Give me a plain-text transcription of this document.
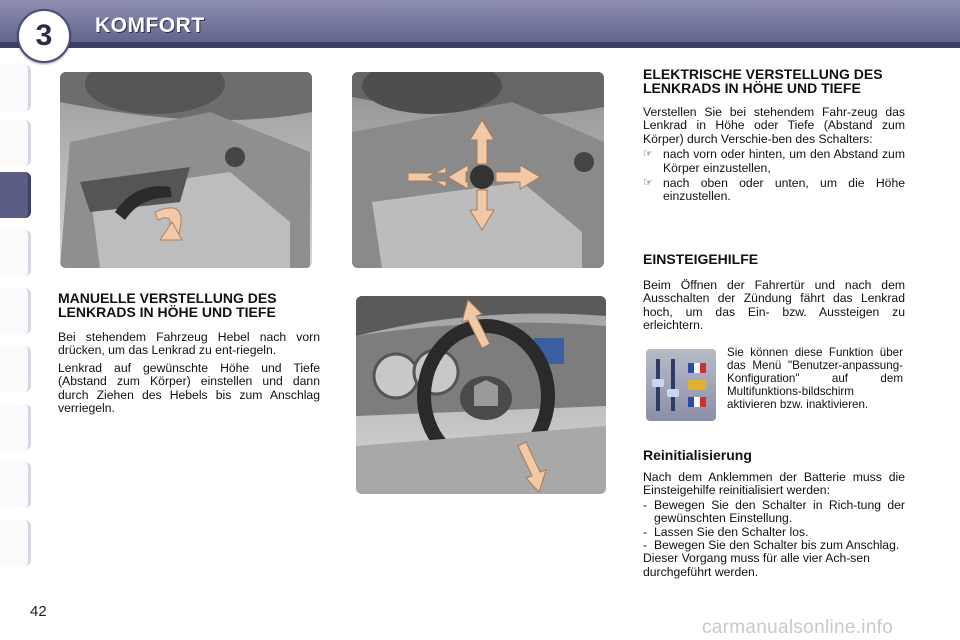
3	KOMFORT
MANUELLE VERSTELLUNG DES LENKRADS IN HÖHE UND TIEFE

Bei stehendem Fahrzeug Hebel nach vorn drücken, um das Lenkrad zu ent-riegeln.

Lenkrad auf gewünschte Höhe und Tiefe (Abstand zum Körper) einstellen und dann durch Ziehen des Hebels bis zum Anschlag verriegeln.

ELEKTRISCHE VERSTELLUNG DES LENKRADS IN HÖHE UND TIEFE

Verstellen Sie bei stehendem Fahr-zeug das Lenkrad in Höhe oder Tiefe (Abstand zum Körper) durch Verschie-ben des Schalters:

☞ nach vorn oder hinten, um den Abstand zum Körper einzustellen,
☞ nach oben oder unten, um die Höhe einzustellen.
EINSTEIGEHILFE

Beim Öffnen der Fahrertür und nach dem Ausschalten der Zündung fährt das Lenkrad hoch, um das Ein- bzw. Aussteigen zu erleichtern.

Sie können diese Funktion über das Menü "Benutzer-anpassung-Konfiguration" auf dem Multifunktions-bildschirm aktivieren bzw. inaktivieren.

Reinitialisierung

Nach dem Anklemmen der Batterie muss die Einsteigehilfe reinitialisiert werden:

- Bewegen Sie den Schalter in Rich-tung der gewünschten Einstellung.
- Lassen Sie den Schalter los.
- Bewegen Sie den Schalter bis zum Anschlag.

Dieser Vorgang muss für alle vier Ach-sen durchgeführt werden.

42
carmanualsonline.info
